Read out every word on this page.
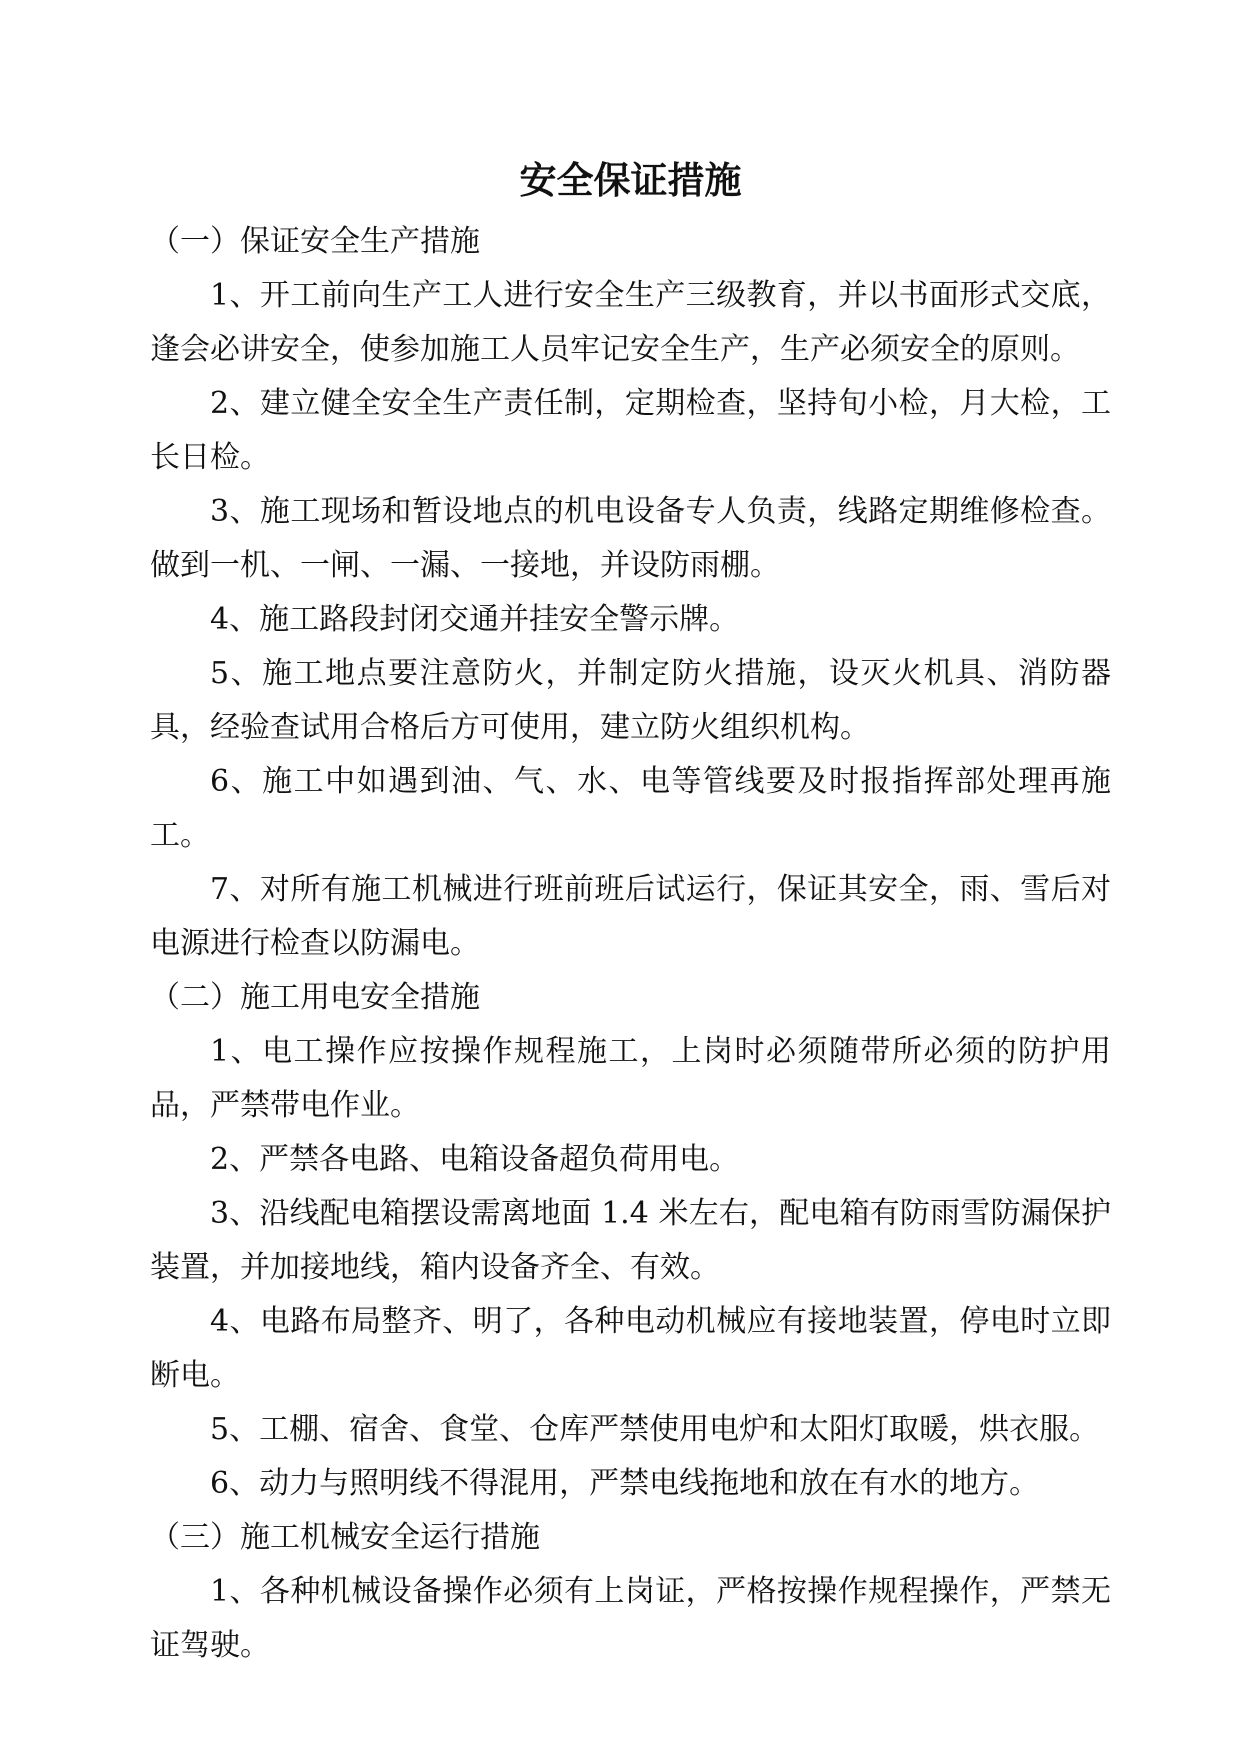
安全保证措施

（一）保证安全生产措施

1、开工前向生产工人进行安全生产三级教育，并以书面形式交底，逢会必讲安全，使参加施工人员牢记安全生产，生产必须安全的原则。

2、建立健全安全生产责任制，定期检查，坚持旬小检，月大检，工长日检。

3、施工现场和暂设地点的机电设备专人负责，线路定期维修检查。做到一机、一闸、一漏、一接地，并设防雨棚。

4、施工路段封闭交通并挂安全警示牌。

5、施工地点要注意防火，并制定防火措施，设灭火机具、消防器具，经验查试用合格后方可使用，建立防火组织机构。

6、施工中如遇到油、气、水、电等管线要及时报指挥部处理再施工。

7、对所有施工机械进行班前班后试运行，保证其安全，雨、雪后对电源进行检查以防漏电。

（二）施工用电安全措施

1、电工操作应按操作规程施工，上岗时必须随带所必须的防护用品，严禁带电作业。

2、严禁各电路、电箱设备超负荷用电。

3、沿线配电箱摆设需离地面 1.4 米左右，配电箱有防雨雪防漏保护装置，并加接地线，箱内设备齐全、有效。

4、电路布局整齐、明了，各种电动机械应有接地装置，停电时立即断电。

5、工棚、宿舍、食堂、仓库严禁使用电炉和太阳灯取暖，烘衣服。

6、动力与照明线不得混用，严禁电线拖地和放在有水的地方。

（三）施工机械安全运行措施

1、各种机械设备操作必须有上岗证，严格按操作规程操作，严禁无证驾驶。
